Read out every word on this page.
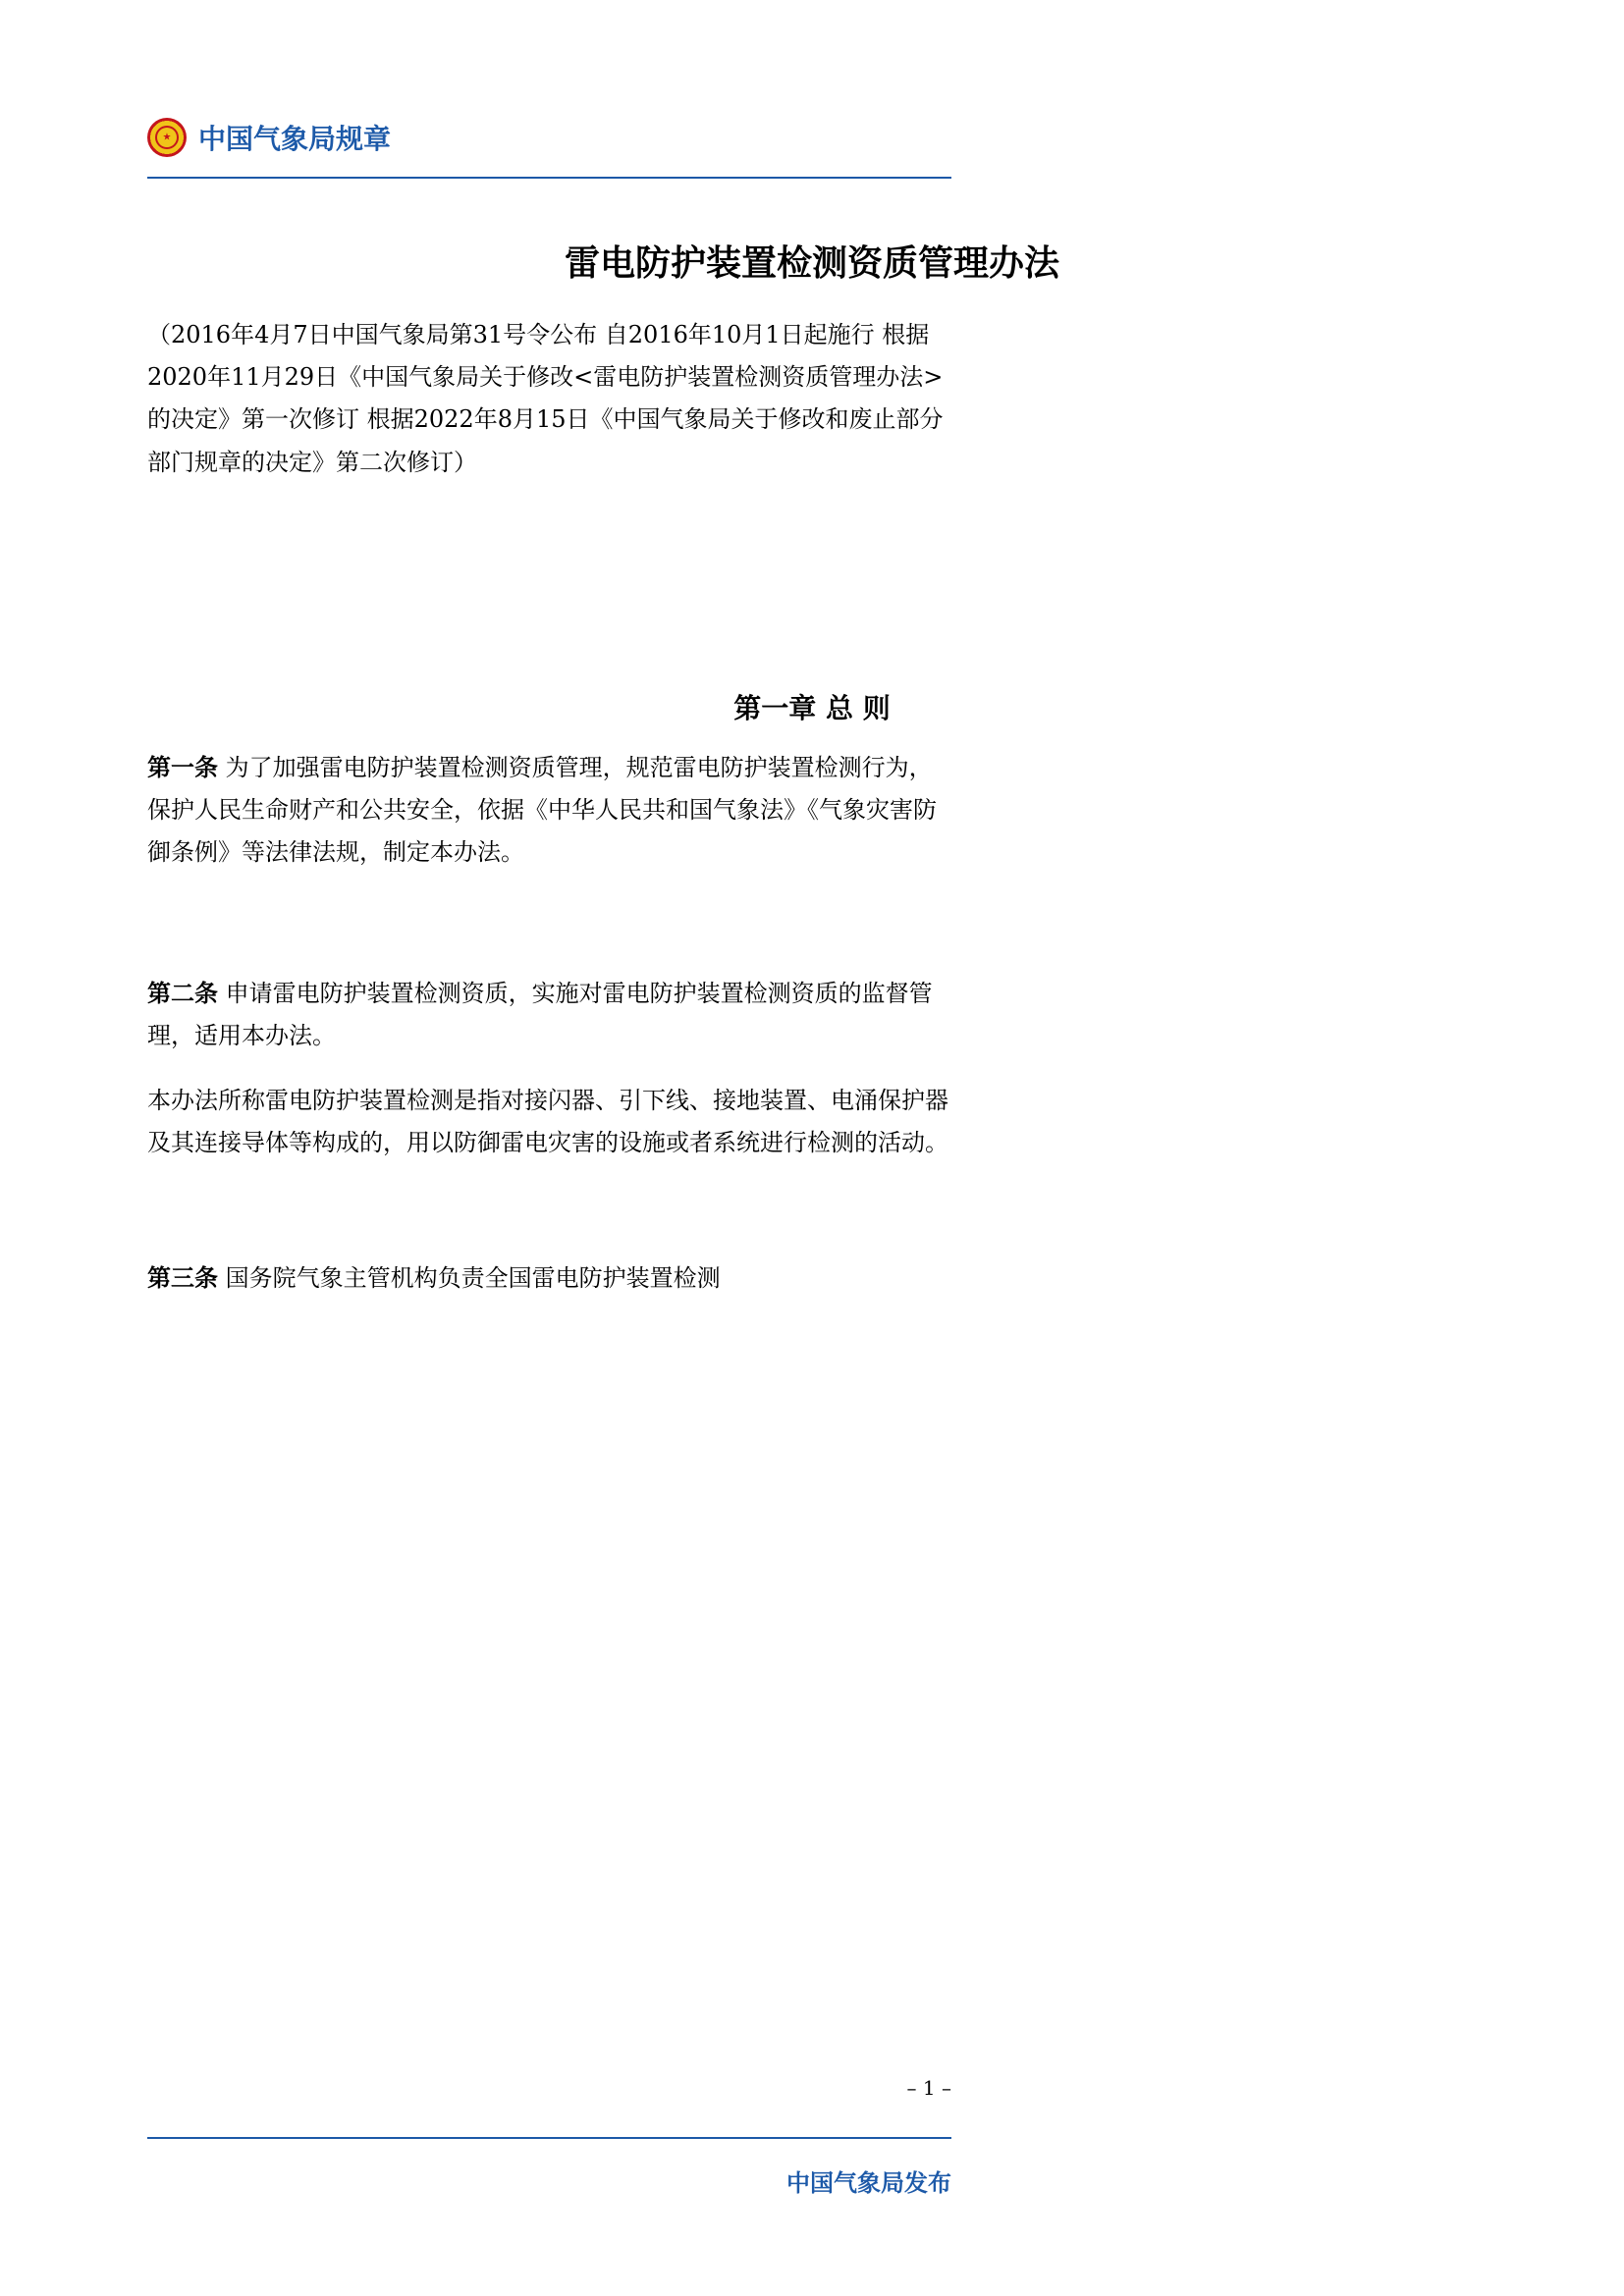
★
中国气象局规章
雷电防护装置检测资质管理办法
（2016年4月7日中国气象局第31号令公布 自2016年10月1日起施行 根据2020年11月29日《中国气象局关于修改<雷电防护装置检测资质管理办法>的决定》第一次修订 根据2022年8月15日《中国气象局关于修改和废止部分部门规章的决定》第二次修订）
第一章 总 则
第一条 为了加强雷电防护装置检测资质管理，规范雷电防护装置检测行为，保护人民生命财产和公共安全，依据《中华人民共和国气象法》《气象灾害防御条例》等法律法规，制定本办法。
第二条 申请雷电防护装置检测资质，实施对雷电防护装置检测资质的监督管理，适用本办法。
本办法所称雷电防护装置检测是指对接闪器、引下线、接地装置、电涌保护器及其连接导体等构成的，用以防御雷电灾害的设施或者系统进行检测的活动。
第三条 国务院气象主管机构负责全国雷电防护装置检测
– 1 –
中国气象局发布
